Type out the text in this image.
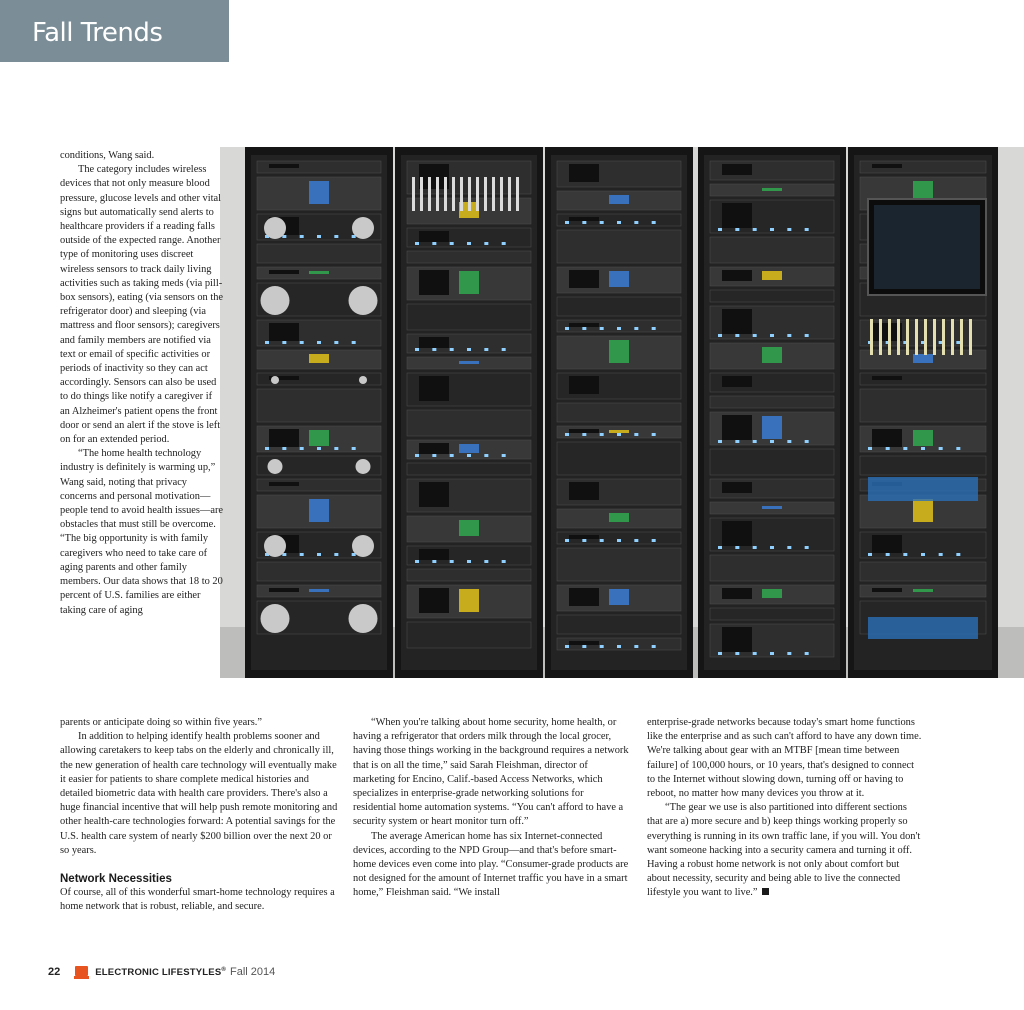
Fall Trends

conditions, Wang said.

The category includes wireless devices that not only measure blood pressure, glucose levels and other vital signs but automatically send alerts to healthcare providers if a reading falls outside of the expected range. Another type of monitoring uses discreet wireless sensors to track daily living activities such as taking meds (via pill-box sensors), eating (via sensors on the refrigerator door) and sleeping (via mattress and floor sensors); caregivers and family members are notified via text or email of specific activities or periods of inactivity so they can act accordingly. Sensors can also be used to do things like notify a caregiver if an Alzheimer's patient opens the front door or send an alert if the stove is left on for an extended period.

“The home health technology industry is definitely is warming up,” Wang said, noting that privacy concerns and personal motivation—people tend to avoid health issues—are obstacles that must still be overcome. “The big opportunity is with family caregivers who need to take care of aging parents and other family members. Our data shows that 18 to 20 percent of U.S. families are either taking care of aging

parents or anticipate doing so within five years.”

In addition to helping identify health problems sooner and allowing caretakers to keep tabs on the elderly and chronically ill, the new generation of health care technology will eventually make it easier for patients to share complete medical histories and detailed biometric data with health care providers. There's also a huge financial incentive that will help push remote monitoring and other health-care technologies forward: A potential savings for the U.S. health care system of nearly $200 billion over the next 20 or so years.

Network Necessities

Of course, all of this wonderful smart-home technology requires a home network that is robust, reliable, and secure.

“When you're talking about home security, home health, or having a refrigerator that orders milk through the local grocer, having those things working in the background requires a network that is on all the time,” said Sarah Fleishman, director of marketing for Encino, Calif.-based Access Networks, which specializes in enterprise-grade networking solutions for residential home automation systems. “You can't afford to have a security system or heart monitor turn off.”

The average American home has six Internet-connected devices, according to the NPD Group—and that's before smart-home devices even come into play. “Consumer-grade products are not designed for the amount of Internet traffic you have in a smart home,” Fleishman said. “We install

enterprise-grade networks because today's smart home functions like the enterprise and as such can't afford to have any down time. We're talking about gear with an MTBF [mean time between failure] of 100,000 hours, or 10 years, that's designed to connect to the Internet without slowing down, turning off or having to reboot, no matter how many devices you throw at it.

“The gear we use is also partitioned into different sections that are a) more secure and b) keep things working properly so everything is running in its own traffic lane, if you will. You don't want someone hacking into a security camera and turning it off. Having a robust home network is not only about comfort but about necessity, security and being able to live the connected lifestyle you want to live.”

22	ELECTRONIC LIFESTYLES® Fall 2014
